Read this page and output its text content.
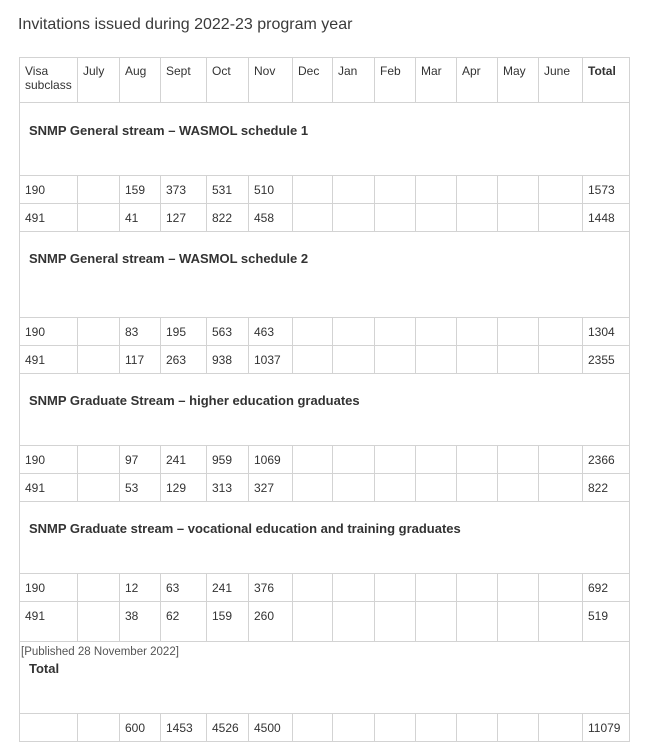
Invitations issued during 2022-23 program year
Visa subclass	July	Aug	Sept	Oct	Nov	Dec	Jan	Feb	Mar	Apr	May	June	Total
SNMP General stream – WASMOL schedule 1													
190		159	373	531	510								1573
491		41	127	822	458								1448
SNMP General stream – WASMOL schedule 2													
190		83	195	563	463								1304
491		117	263	938	1037								2355
SNMP Graduate Stream – higher education graduates													
190		97	241	959	1069								2366
491		53	129	313	327								822
SNMP Graduate stream – vocational education and training graduates													
190		12	63	241	376								692
491		38	62	159	260								519
Total													
		600	1453	4526	4500								11079
[Published 28 November 2022]
